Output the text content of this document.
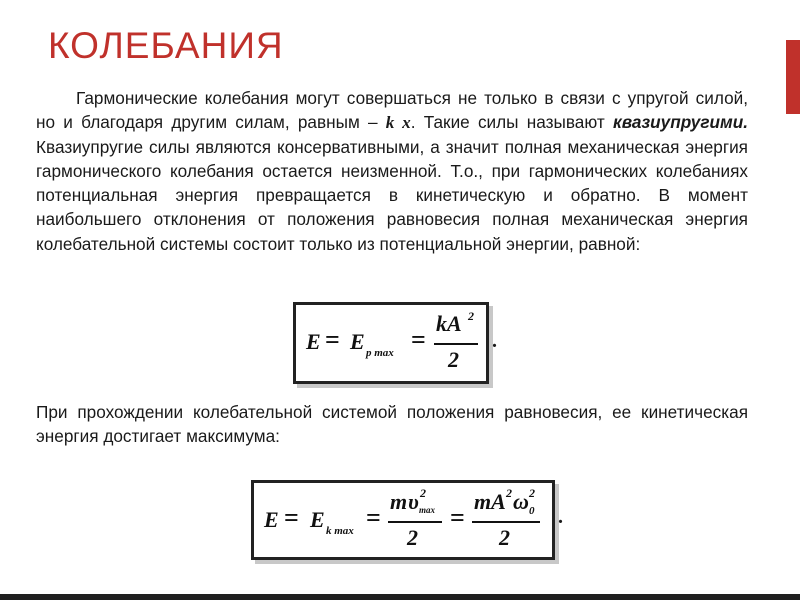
КОЛЕБАНИЯ
Гармонические колебания могут совершаться не только в связи с упругой силой, но и благодаря другим силам, равным – k x. Такие силы называют квазиупругими. Квазиупругие силы являются консервативными, а значит полная механическая энергия гармонического колебания остается неизменной. Т.о., при гармонических колебаниях потенциальная энергия превращается в кинетическую и обратно. В момент наибольшего отклонения от положения равновесия полная механическая энергия колебательной системы состоит только из потенциальной энергии, равной:
E = E p max =
kA 2
2
.
При прохождении колебательной системой положения равновесия, ее кинетическая энергия достигает максимума:
E = E k max =
m υ 2
max
2
=
mA 2 ω 2
0
2
.
